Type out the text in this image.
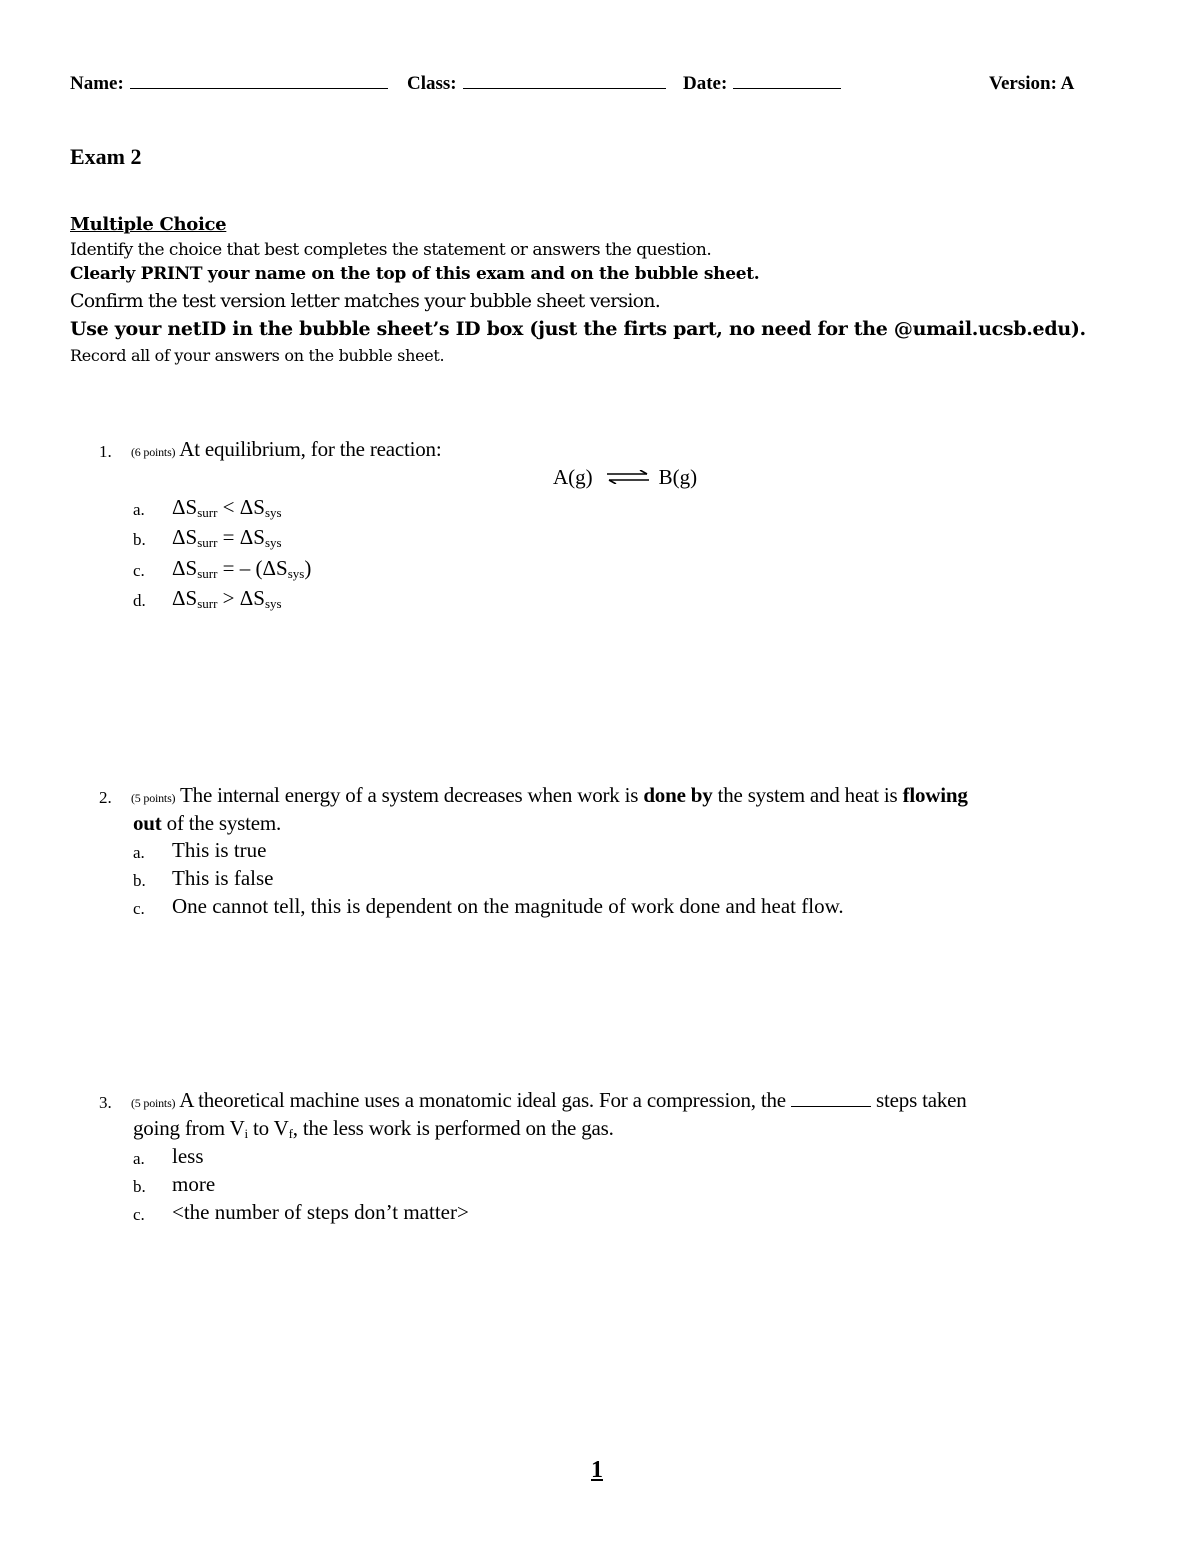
Name:	Class:	Date:	Version: A
Exam 2
Multiple Choice
Identify the choice that best completes the statement or answers the question.
Clearly PRINT your name on the top of this exam and on the bubble sheet.
Confirm the test version letter matches your bubble sheet version.
Use your netID in the bubble sheet’s ID box (just the firts part, no need for the @umail.ucsb.edu).
Record all of your answers on the bubble sheet.
1. (6 points) At equilibrium, for the reaction:
A(g) ⇌ B(g)
a. $\Delta S_{surr} < \Delta S_{sys}$
b. $\Delta S_{surr} = \Delta S_{sys}$
c. $\Delta S_{surr}$ = – $(\Delta S_{sys})$
d. $\Delta S_{surr} > \Delta S_{sys}$
2. (5 points) The internal energy of a system decreases when work is done by the system and heat is flowing
out of the system.
a. This is true
b. This is false
c. One cannot tell, this is dependent on the magnitude of work done and heat flow.
3. (5 points) A theoretical machine uses a monatomic ideal gas. For a compression, the	steps taken
going from $V_i$ to $V_f$, the less work is performed on the gas.
a. less
b. more
c. <the number of steps don’t matter>
1
